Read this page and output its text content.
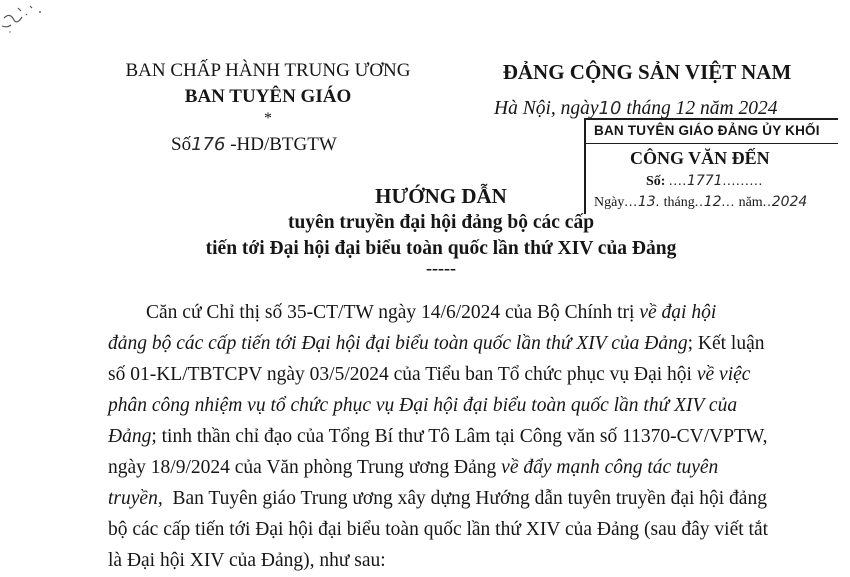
BAN CHẤP HÀNH TRUNG ƯƠNG
BAN TUYÊN GIÁO
*
Số176 -HD/BTGTW
ĐẢNG CỘNG SẢN VIỆT NAM
Hà Nội, ngày10 tháng 12 năm 2024
BAN TUYÊN GIÁO ĐẢNG ỦY KHỐI
CÔNG VĂN ĐẾN
Số: ....1771.........
Ngày...13. tháng..12... năm..2024
HƯỚNG DẪN
tuyên truyền đại hội đảng bộ các cấp
tiến tới Đại hội đại biểu toàn quốc lần thứ XIV của Đảng
-----
Căn cứ Chỉ thị số 35-CT/TW ngày 14/6/2024 của Bộ Chính trị về đại hội
đảng bộ các cấp tiến tới Đại hội đại biểu toàn quốc lần thứ XIV của Đảng; Kết luận
số 01-KL/TBTCPV ngày 03/5/2024 của Tiểu ban Tổ chức phục vụ Đại hội về việc
phân công nhiệm vụ tổ chức phục vụ Đại hội đại biểu toàn quốc lần thứ XIV của
Đảng; tinh thần chỉ đạo của Tổng Bí thư Tô Lâm tại Công văn số 11370-CV/VPTW,
ngày 18/9/2024 của Văn phòng Trung ương Đảng về đẩy mạnh công tác tuyên
truyền,  Ban Tuyên giáo Trung ương xây dựng Hướng dẫn tuyên truyền đại hội đảng
bộ các cấp tiến tới Đại hội đại biểu toàn quốc lần thứ XIV của Đảng (sau đây viết tắt
là Đại hội XIV của Đảng), như sau:
